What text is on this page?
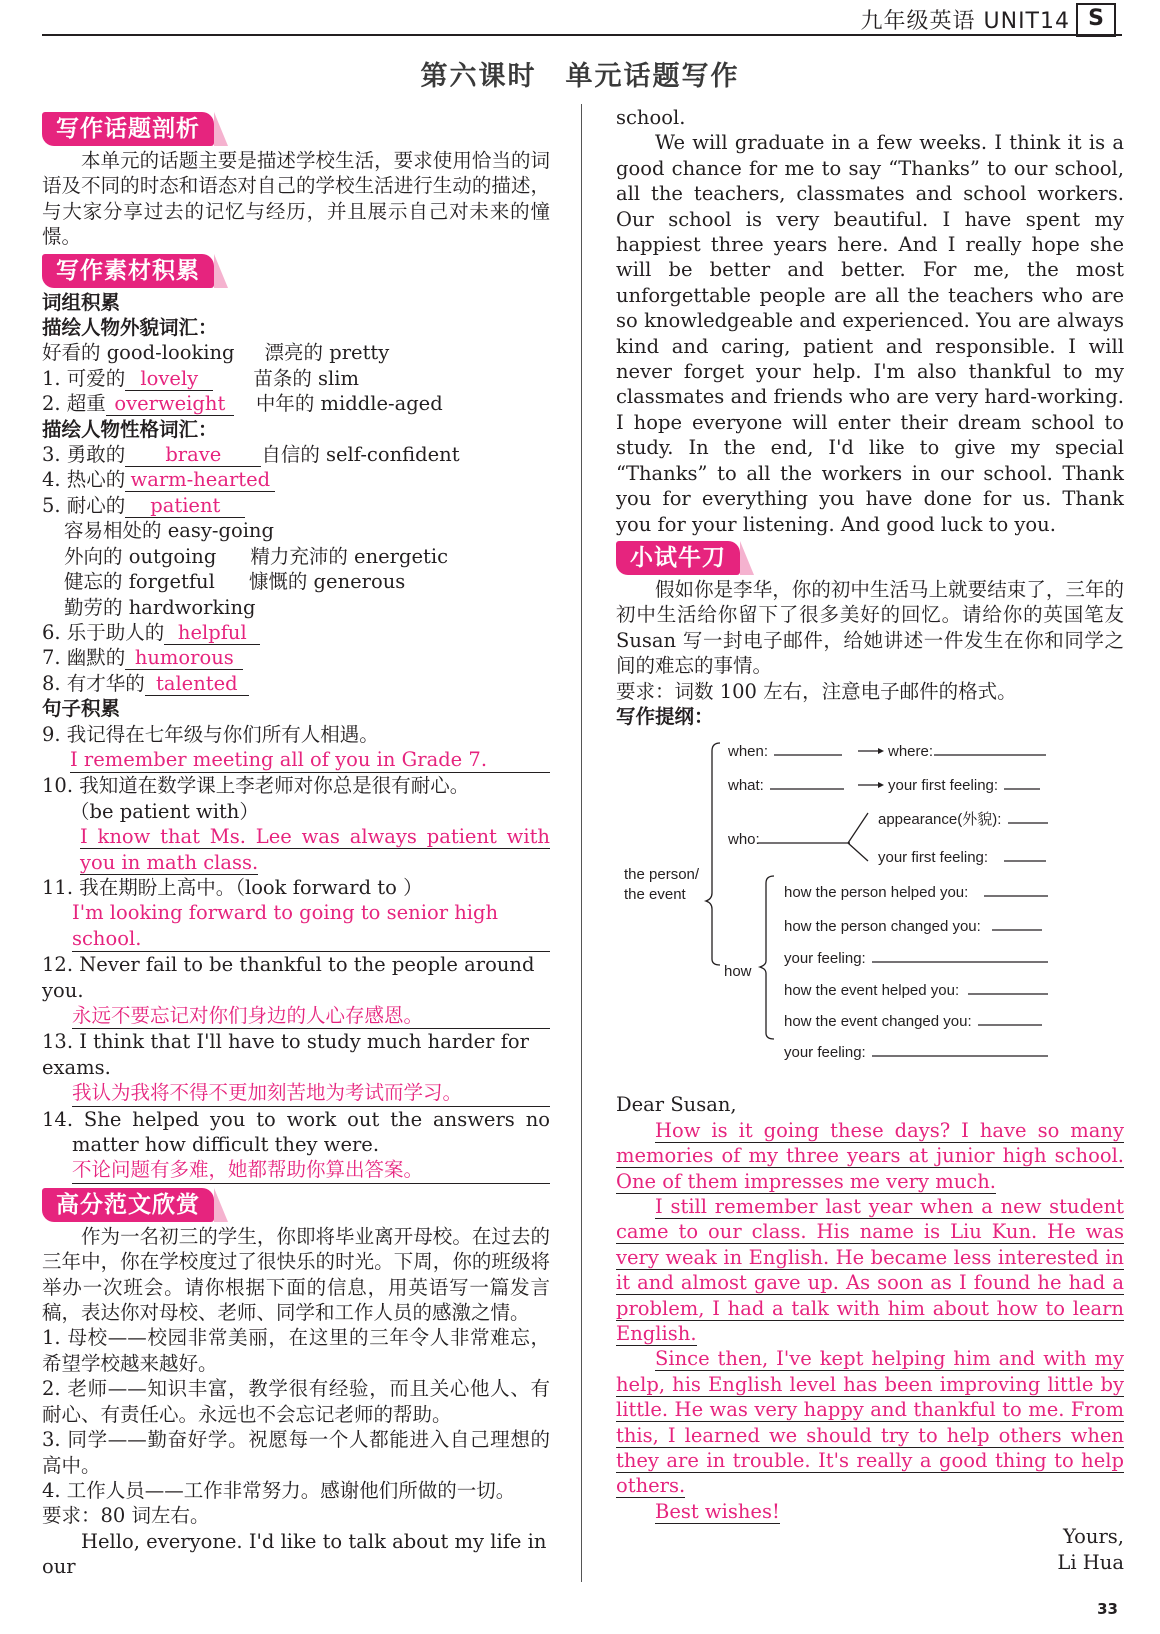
九年级英语 UNIT14 S
第六课时　单元话题写作
写作话题剖析

本单元的话题主要是描述学校生活，要求使用恰当的词语及不同的时态和语态对自己的学校生活进行生动的描述，与大家分享过去的记忆与经历，并且展示自己对未来的憧憬。

写作素材积累

词组积累

描绘人物外貌词汇：

好看的 good-looking 漂亮的 pretty

1. 可爱的 lovely	苗条的 slim

2. 超重 overweight 中年的 middle-aged

描绘人物性格词汇：

3. 勇敢的 brave 自信的 self-confident

4. 热心的 warm-hearted

5. 耐心的 patient

容易相处的 easy-going

外向的 outgoing 精力充沛的 energetic

健忘的 forgetful 慷慨的 generous

勤劳的 hardworking

6. 乐于助人的 helpful

7. 幽默的 humorous

8. 有才华的 talented

句子积累

9. 我记得在七年级与你们所有人相遇。

I remember meeting all of you in Grade 7.

10. 我知道在数学课上李老师对你总是很有耐心。

（be patient with）

I know that Ms. Lee was always patient with you in math class.

11. 我在期盼上高中。（look forward to ）

I'm looking forward to going to senior high school.

12. Never fail to be thankful to the people around you.

永远不要忘记对你们身边的人心存感恩。

13. I think that I'll have to study much harder for exams.

我认为我将不得不更加刻苦地为考试而学习。

14. She helped you to work out the answers no matter how difficult they were.

不论问题有多难，她都帮助你算出答案。

高分范文欣赏

作为一名初三的学生，你即将毕业离开母校。在过去的三年中，你在学校度过了很快乐的时光。下周，你的班级将举办一次班会。请你根据下面的信息，用英语写一篇发言稿，表达你对母校、老师、同学和工作人员的感激之情。

1. 母校——校园非常美丽，在这里的三年令人非常难忘，希望学校越来越好。

2. 老师——知识丰富，教学很有经验，而且关心他人、有耐心、有责任心。永远也不会忘记老师的帮助。

3. 同学——勤奋好学。祝愿每一个人都能进入自己理想的高中。

4. 工作人员——工作非常努力。感谢他们所做的一切。

要求：80 词左右。

Hello, everyone. I'd like to talk about my life in our

school.

We will graduate in a few weeks. I think it is a good chance for me to say “Thanks” to our school, all the teachers, classmates and school workers. Our school is very beautiful. I have spent my happiest three years here. And I really hope she will be better and better. For me, the most unforgettable people are all the teachers who are so knowledgeable and experienced. You are always kind and caring, patient and responsible. I will never forget your help. I'm also thankful to my classmates and friends who are very hard-working. I hope everyone will enter their dream school to study. In the end, I'd like to give my special “Thanks” to all the workers in our school. Thank you for everything you have done for us. Thank you for your listening. And good luck to you.

小试牛刀

假如你是李华，你的初中生活马上就要结束了，三年的初中生活给你留下了很多美好的回忆。请给你的英国笔友 Susan 写一封电子邮件，给她讲述一件发生在你和同学之间的难忘的事情。

要求：词数 100 左右，注意电子邮件的格式。

写作提纲：

the person/
the event
when:	where:
what:	your first feeling:
who:
appearance(外貌):
your first feeling:
how
how the person helped you:
how the person changed you:
your feeling:
how the event helped you:
how the event changed you:
your feeling:

Dear Susan,

How is it going these days? I have so many memories of my three years at junior high school. One of them impresses me very much.

I still remember last year when a new student came to our class. His name is Liu Kun. He was very weak in English. He became less interested in it and almost gave up. As soon as I found he had a problem, I had a talk with him about how to learn English.

Since then, I've kept helping him and with my help, his English level has been improving little by little. He was very happy and thankful to me. From this, I learned we should try to help others when they are in trouble. It's really a good thing to help others.

Best wishes!

Yours,

Li Hua

33
